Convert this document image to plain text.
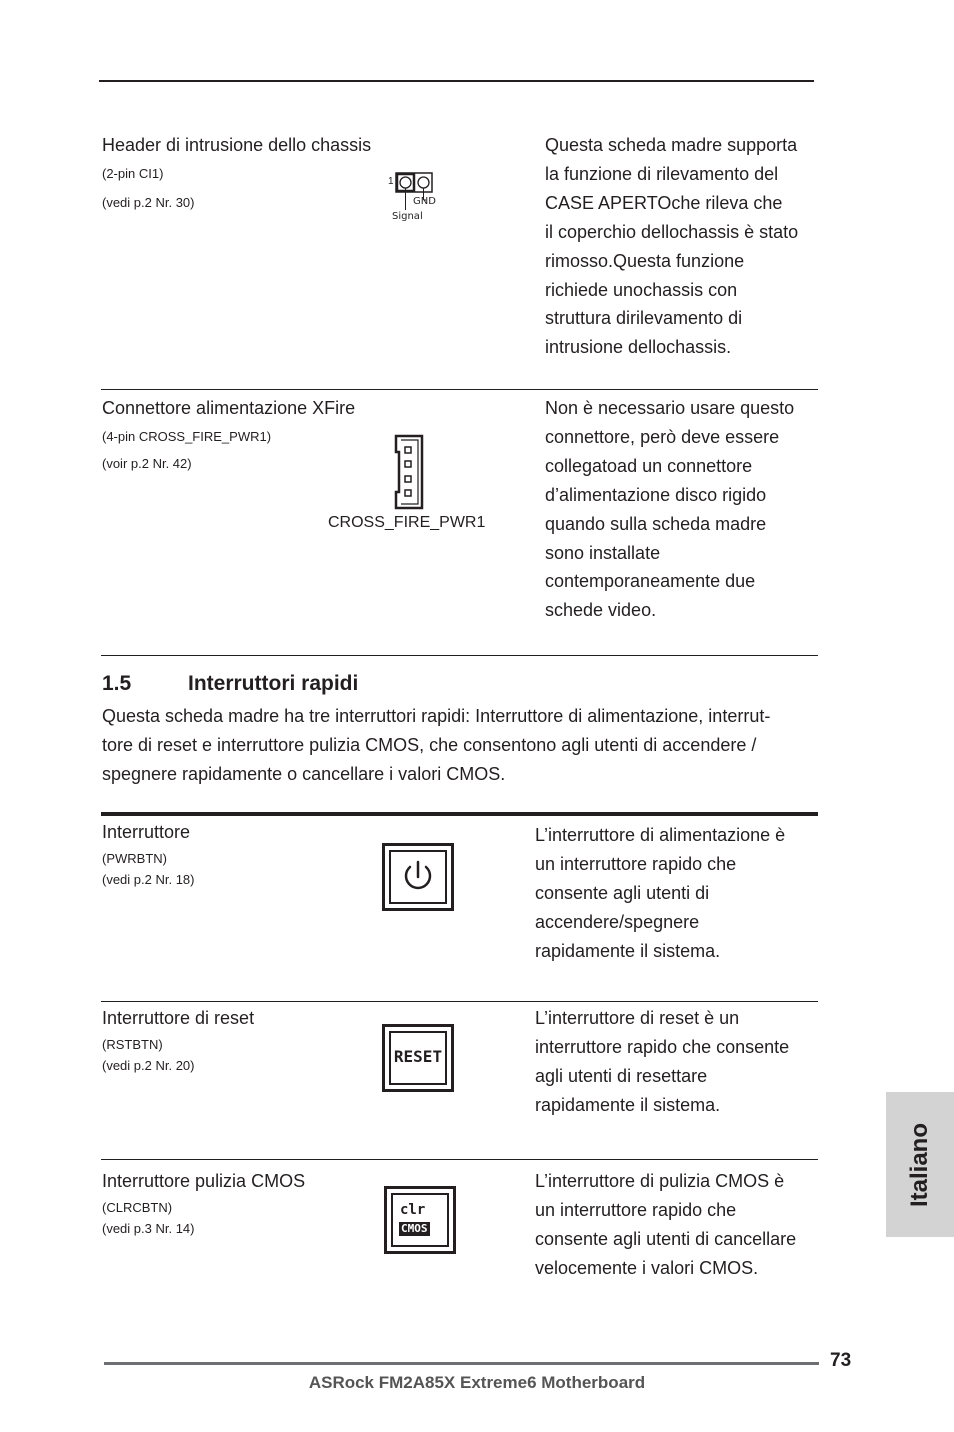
Header di intrusione dello chassis
(2-pin CI1)
(vedi p.2 Nr. 30)
1
GND
Signal
Questa scheda madre supporta
la funzione di rilevamento del
CASE APERTOche rileva che
il coperchio dellochassis è stato
rimosso.Questa funzione
richiede unochassis con
struttura dirilevamento di
intrusione dellochassis.
Connettore alimentazione XFire
(4-pin CROSS_FIRE_PWR1)
(voir p.2 Nr. 42)
CROSS_FIRE_PWR1
Non è necessario usare questo
connettore, però deve essere
collegatoad un connettore
d’alimentazione disco rigido
quando sulla scheda madre
sono installate
contemporaneamente due
schede video.
1.5	Interruttori rapidi
Questa scheda madre ha tre interruttori rapidi: Interruttore di alimentazione, interrut-
tore di reset e interruttore pulizia CMOS, che consentono agli utenti di accendere /
spegnere rapidamente o cancellare i valori CMOS.
Interruttore
(PWRBTN)
(vedi p.2 Nr. 18)
L’interruttore di alimentazione è
un interruttore rapido che
consente agli utenti di
accendere/spegnere
rapidamente il sistema.
Interruttore di reset
(RSTBTN)
(vedi p.2 Nr. 20)	RESET
L’interruttore di reset è un
interruttore rapido che consente
agli utenti di resettare
rapidamente il sistema.
Interruttore pulizia CMOS
(CLRCBTN)
(vedi p.3 Nr. 14)
clr
CMOS
L’interruttore di pulizia CMOS è
un interruttore rapido che
consente agli utenti di cancellare
velocemente i valori CMOS.
Italiano
73
ASRock FM2A85X Extreme6 Motherboard
